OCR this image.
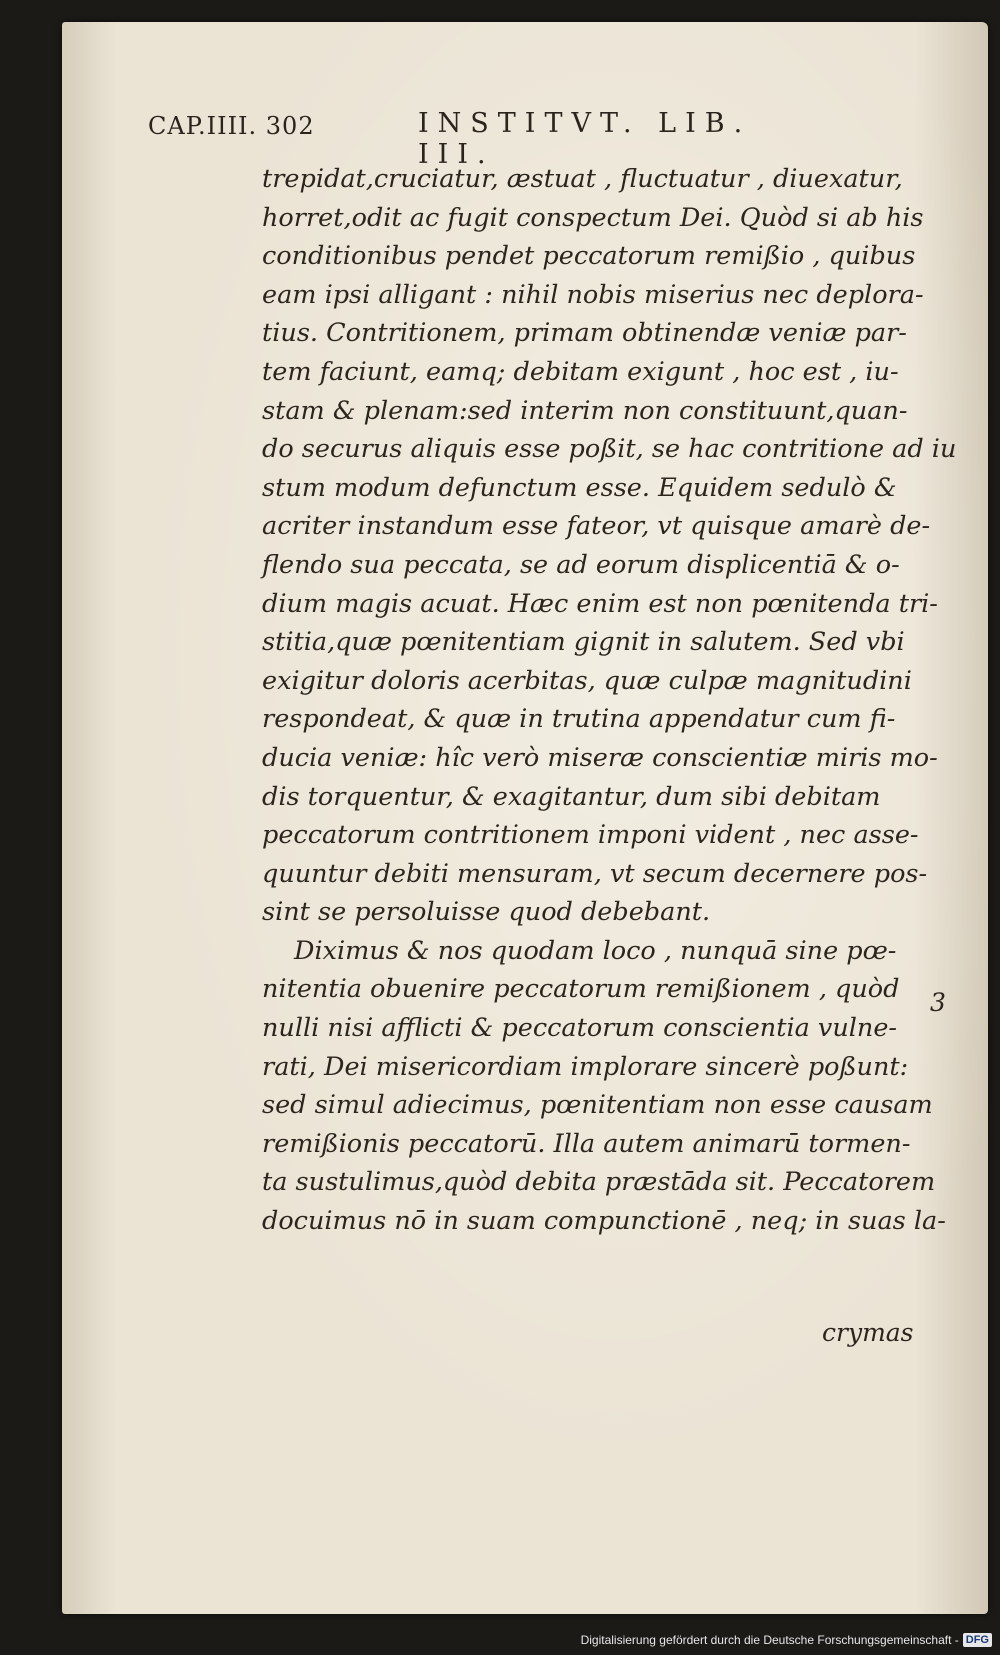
CAP.IIII. 302	INSTITVT. LIB. III.
trepidat,cruciatur, æstuat , fluctuatur , diuexatur,
horret,odit ac fugit conspectum Dei. Quòd si ab his
conditionibus pendet peccatorum remißio , quibus
eam ipsi alligant : nihil nobis miserius nec deplora-
tius. Contritionem, primam obtinendæ veniæ par-
tem faciunt, eamq; debitam exigunt , hoc est , iu-
stam & plenam:sed interim non constituunt,quan-
do securus aliquis esse poßit, se hac contritione ad iu
stum modum defunctum esse. Equidem sedulò &
acriter instandum esse fateor, vt quisque amarè de-
flendo sua peccata, se ad eorum displicentiā & o-
dium magis acuat. Hæc enim est non pœnitenda tri-
stitia,quæ pœnitentiam gignit in salutem. Sed vbi
exigitur doloris acerbitas, quæ culpæ magnitudini
respondeat, & quæ in trutina appendatur cum fi-
ducia veniæ: hîc verò miseræ conscientiæ miris mo-
dis torquentur, & exagitantur, dum sibi debitam
peccatorum contritionem imponi vident , nec asse-
quuntur debiti mensuram, vt secum decernere pos-
sint se persoluisse quod debebant.
Diximus & nos quodam loco , nunquā sine pœ-
nitentia obuenire peccatorum remißionem , quòd
nulli nisi afflicti & peccatorum conscientia vulne-
rati, Dei misericordiam implorare sincerè poßunt:
sed simul adiecimus, pœnitentiam non esse causam
remißionis peccatorū. Illa autem animarū tormen-
ta sustulimus,quòd debita præstāda sit. Peccatorem
docuimus nō in suam compunctionē , neq; in suas la-
3
crymas
Digitalisierung gefördert durch die Deutsche Forschungsgemeinschaft - DFG
